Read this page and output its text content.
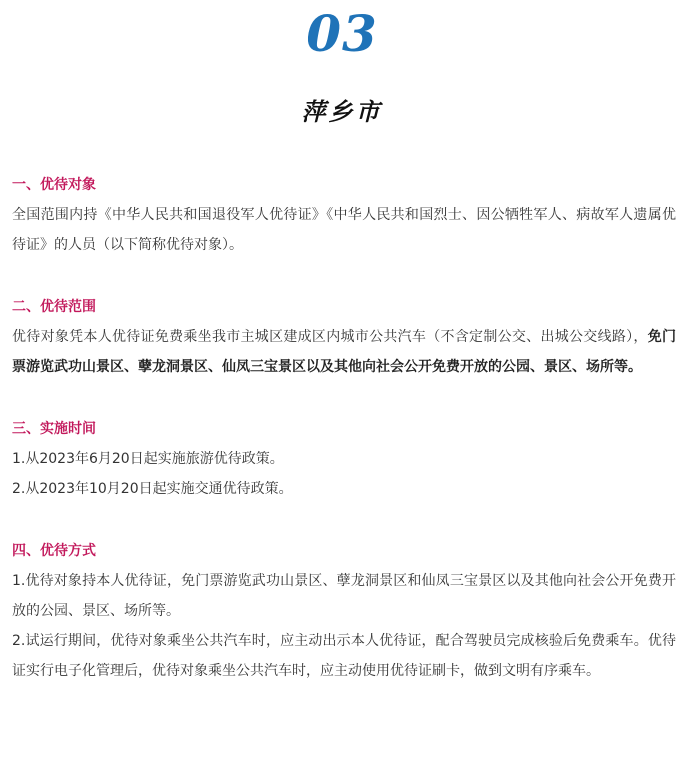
03
萍乡市

一、优待对象

全国范围内持《中华人民共和国退役军人优待证》《中华人民共和国烈士、因公牺牲军人、病故军人遗属优待证》的人员（以下简称优待对象）。

二、优待范围

优待对象凭本人优待证免费乘坐我市主城区建成区内城市公共汽车（不含定制公交、出城公交线路），免门票游览武功山景区、孽龙洞景区、仙凤三宝景区以及其他向社会公开免费开放的公园、景区、场所等。

三、实施时间

1.从2023年6月20日起实施旅游优待政策。

2.从2023年10月20日起实施交通优待政策。

四、优待方式

1.优待对象持本人优待证，免门票游览武功山景区、孽龙洞景区和仙凤三宝景区以及其他向社会公开免费开放的公园、景区、场所等。

2.试运行期间，优待对象乘坐公共汽车时，应主动出示本人优待证，配合驾驶员完成核验后免费乘车。优待证实行电子化管理后，优待对象乘坐公共汽车时，应主动使用优待证刷卡，做到文明有序乘车。
